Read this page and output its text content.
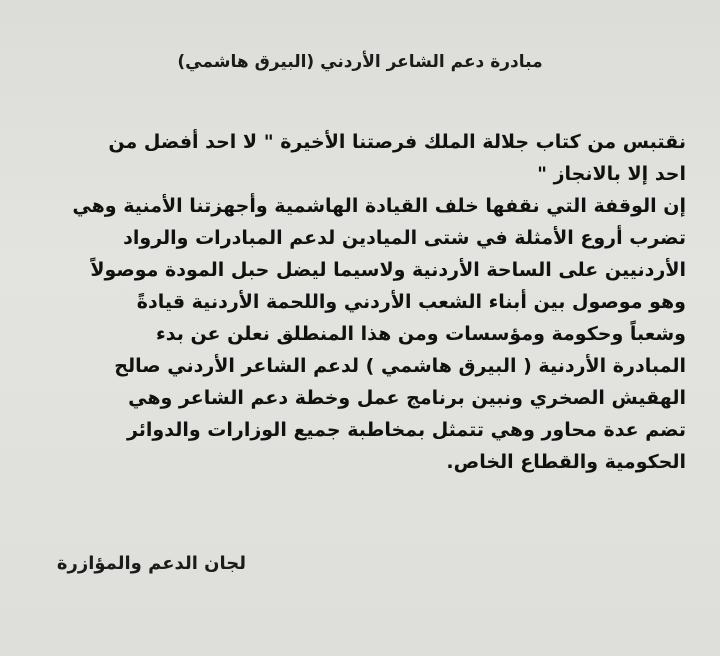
مبادرة دعم الشاعر الأردني (البيرق هاشمي)
نقتبس من كتاب جلالة الملك فرصتنا الأخيرة " لا احد أفضل من
احد إلا بالانجاز "
إن الوقفة التي نقفها خلف القيادة الهاشمية وأجهزتنا الأمنية وهي
تضرب أروع الأمثلة في شتى الميادين لدعم المبادرات والرواد
الأردنيين على الساحة الأردنية ولاسيما ليضل حبل المودة موصولاً
وهو موصول بين أبناء الشعب الأردني واللحمة الأردنية قيادةً
وشعباً وحكومة ومؤسسات ومن هذا المنطلق نعلن عن بدء
المبادرة الأردنية ( البيرق هاشمي ) لدعم الشاعر الأردني صالح
الهقيش الصخري ونبين برنامج عمل وخطة دعم الشاعر وهي
تضم عدة محاور وهي تتمثل بمخاطبة جميع الوزارات والدوائر
الحكومية والقطاع الخاص.
لجان الدعم والمؤازرة
